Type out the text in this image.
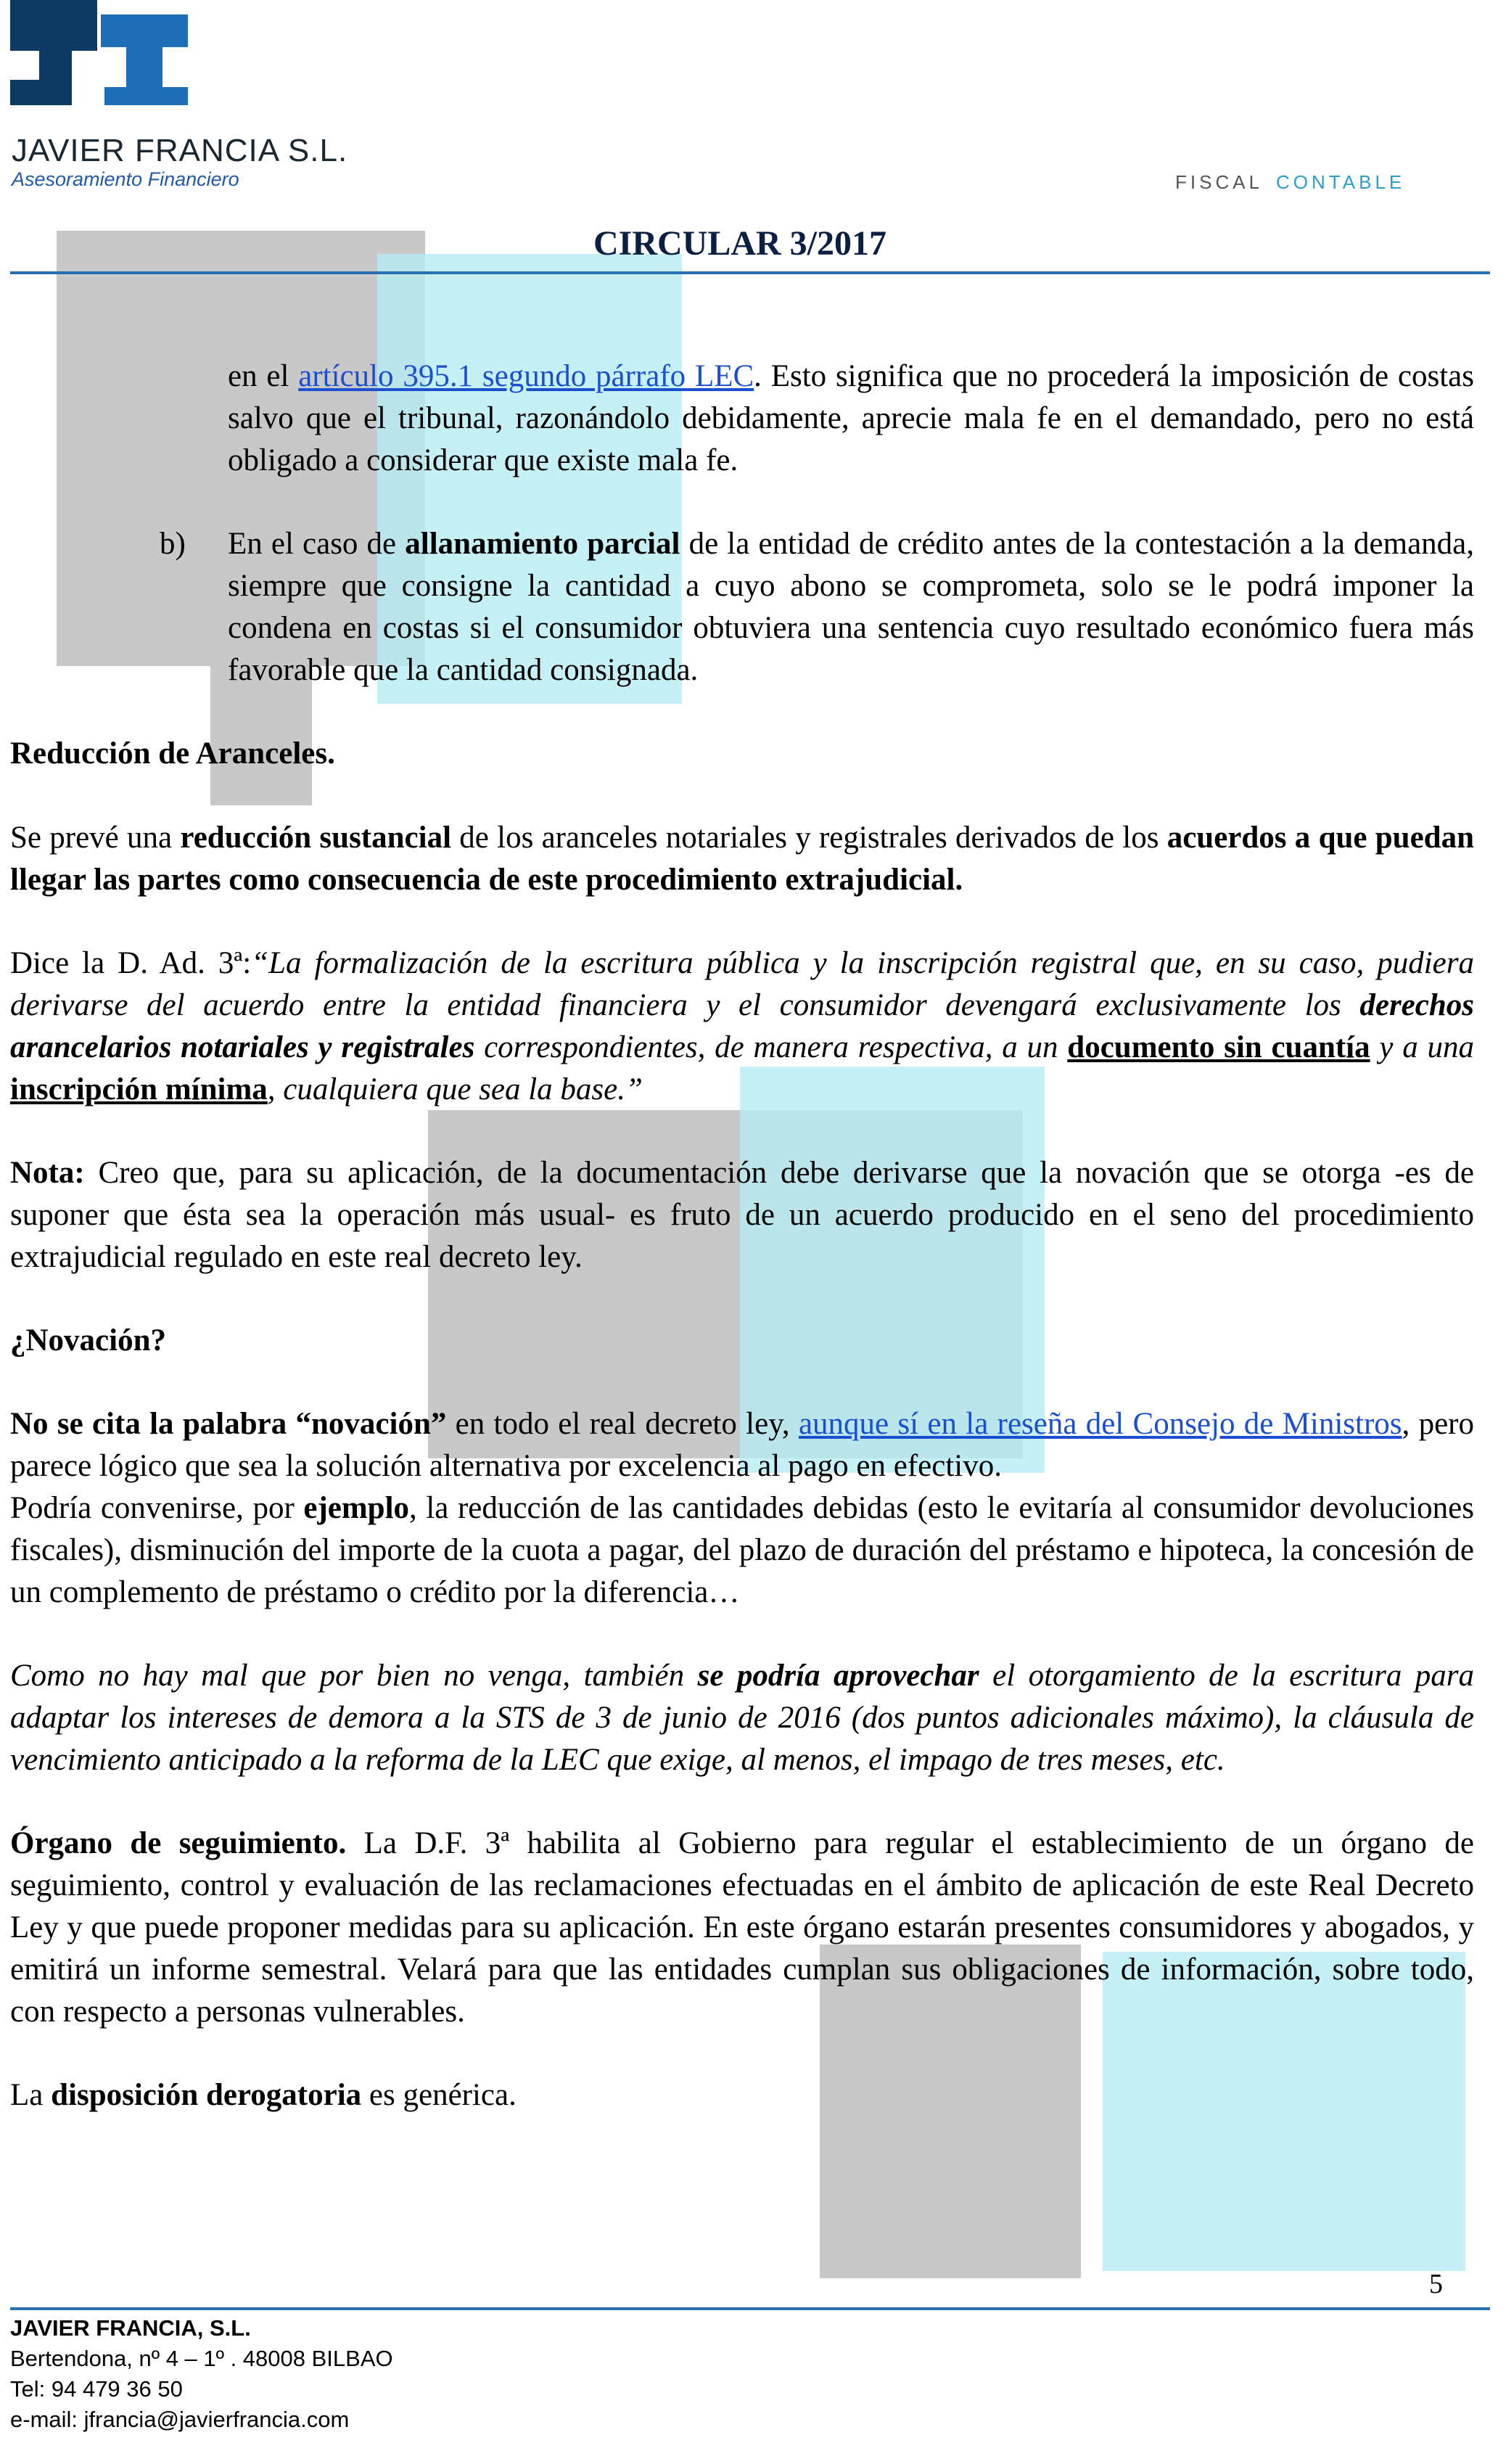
JAVIER FRANCIA S.L.
Asesoramiento Financiero	FISCAL CONTABLE
CIRCULAR 3/2017

en el artículo 395.1 segundo párrafo LEC. Esto significa que no procederá la imposición de costas salvo que el tribunal, razonándolo debidamente, aprecie mala fe en el demandado, pero no está obligado a considerar que existe mala fe.

b) En el caso de allanamiento parcial de la entidad de crédito antes de la contestación a la demanda, siempre que consigne la cantidad a cuyo abono se comprometa, solo se le podrá imponer la condena en costas si el consumidor obtuviera una sentencia cuyo resultado económico fuera más favorable que la cantidad consignada.

Reducción de Aranceles.

Se prevé una reducción sustancial de los aranceles notariales y registrales derivados de los acuerdos a que puedan llegar las partes como consecuencia de este procedimiento extrajudicial.

Dice la D. Ad. 3ª:“La formalización de la escritura pública y la inscripción registral que, en su caso, pudiera derivarse del acuerdo entre la entidad financiera y el consumidor devengará exclusivamente los derechos arancelarios notariales y registrales correspondientes, de manera respectiva, a un documento sin cuantía y a una inscripción mínima, cualquiera que sea la base.”

Nota: Creo que, para su aplicación, de la documentación debe derivarse que la novación que se otorga -es de suponer que ésta sea la operación más usual- es fruto de un acuerdo producido en el seno del procedimiento extrajudicial regulado en este real decreto ley.

¿Novación?

No se cita la palabra “novación” en todo el real decreto ley, aunque sí en la reseña del Consejo de Ministros, pero parece lógico que sea la solución alternativa por excelencia al pago en efectivo.

Podría convenirse, por ejemplo, la reducción de las cantidades debidas (esto le evitaría al consumidor devoluciones fiscales), disminución del importe de la cuota a pagar, del plazo de duración del préstamo e hipoteca, la concesión de un complemento de préstamo o crédito por la diferencia…

Como no hay mal que por bien no venga, también se podría aprovechar el otorgamiento de la escritura para adaptar los intereses de demora a la STS de 3 de junio de 2016 (dos puntos adicionales máximo), la cláusula de vencimiento anticipado a la reforma de la LEC que exige, al menos, el impago de tres meses, etc.

Órgano de seguimiento. La D.F. 3ª habilita al Gobierno para regular el establecimiento de un órgano de seguimiento, control y evaluación de las reclamaciones efectuadas en el ámbito de aplicación de este Real Decreto Ley y que puede proponer medidas para su aplicación. En este órgano estarán presentes consumidores y abogados, y emitirá un informe semestral. Velará para que las entidades cumplan sus obligaciones de información, sobre todo, con respecto a personas vulnerables.

La disposición derogatoria es genérica.

5
JAVIER FRANCIA, S.L.
Bertendona, nº 4 – 1º . 48008 BILBAO
Tel: 94 479 36 50
e-mail: jfrancia@javierfrancia.com
